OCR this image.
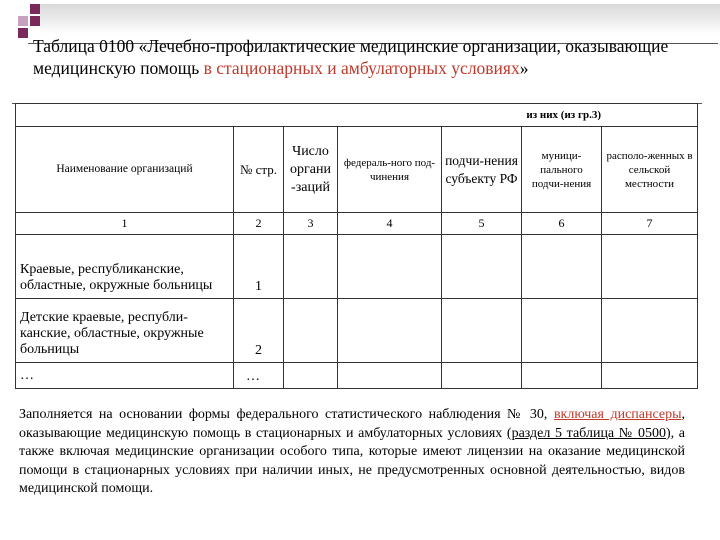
Таблица 0100 «Лечебно-профилактические медицинские организации, оказывающие медицинскую помощь в стационарных и амбулаторных условиях»
из них (из гр.3)						
Наименование организаций	№ стр.	Число органи -заций	федераль-ного под-чинения	подчи-нения субъекту РФ	муници-пального подчи-нения	располо-женных в сельской местности
1	2	3	4	5	6	7
Краевые, республиканские, областные, окружные больницы	1					
Детские краевые, республи-канские, областные, окружные больницы	2					
…	…					
Заполняется на основании формы федерального статистического наблюдения № 30, включая диспансеры, оказывающие медицинскую помощь в стационарных и амбулаторных условиях (раздел 5 таблица № 0500), а также включая медицинские организации особого типа, которые имеют лицензии на оказание медицинской помощи в стационарных условиях при наличии иных, не предусмотренных основной деятельностью, видов медицинской помощи.
